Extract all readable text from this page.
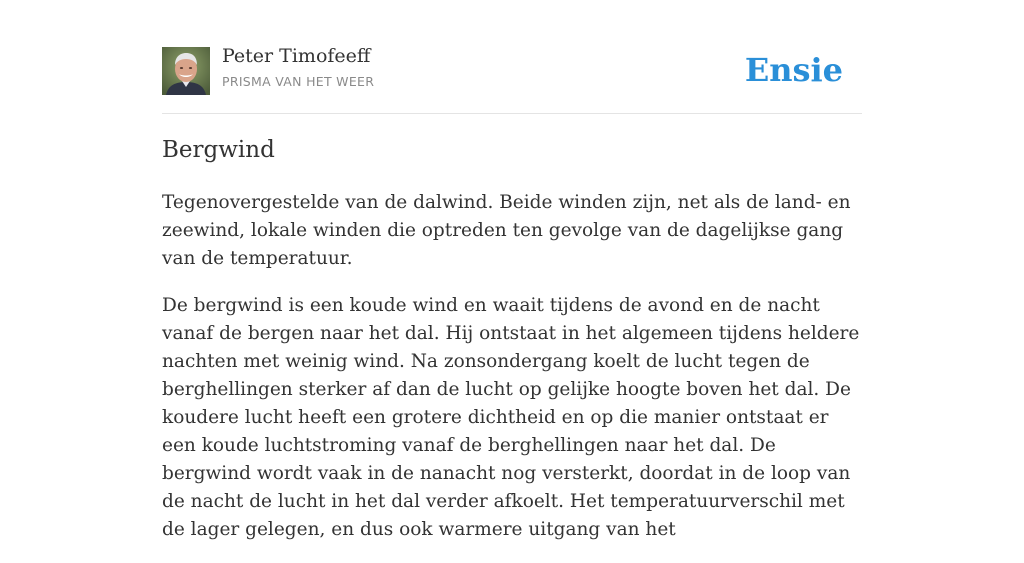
Peter Timofeeff
PRISMA VAN HET WEER	Ensie
Bergwind

Tegenovergestelde van de dalwind. Beide winden zijn, net als de land- en zeewind, lokale winden die optreden ten gevolge van de dagelijkse gang van de temperatuur.

De bergwind is een koude wind en waait tijdens de avond en de nacht vanaf de bergen naar het dal. Hij ontstaat in het algemeen tijdens heldere nachten met weinig wind. Na zonsondergang koelt de lucht tegen de berghellingen sterker af dan de lucht op gelijke hoogte boven het dal. De koudere lucht heeft een grotere dichtheid en op die manier ontstaat er een koude luchtstroming vanaf de berghellingen naar het dal. De bergwind wordt vaak in de nanacht nog versterkt, doordat in de loop van de nacht de lucht in het dal verder afkoelt. Het temperatuurverschil met de lager gelegen, en dus ook warmere uitgang van het
